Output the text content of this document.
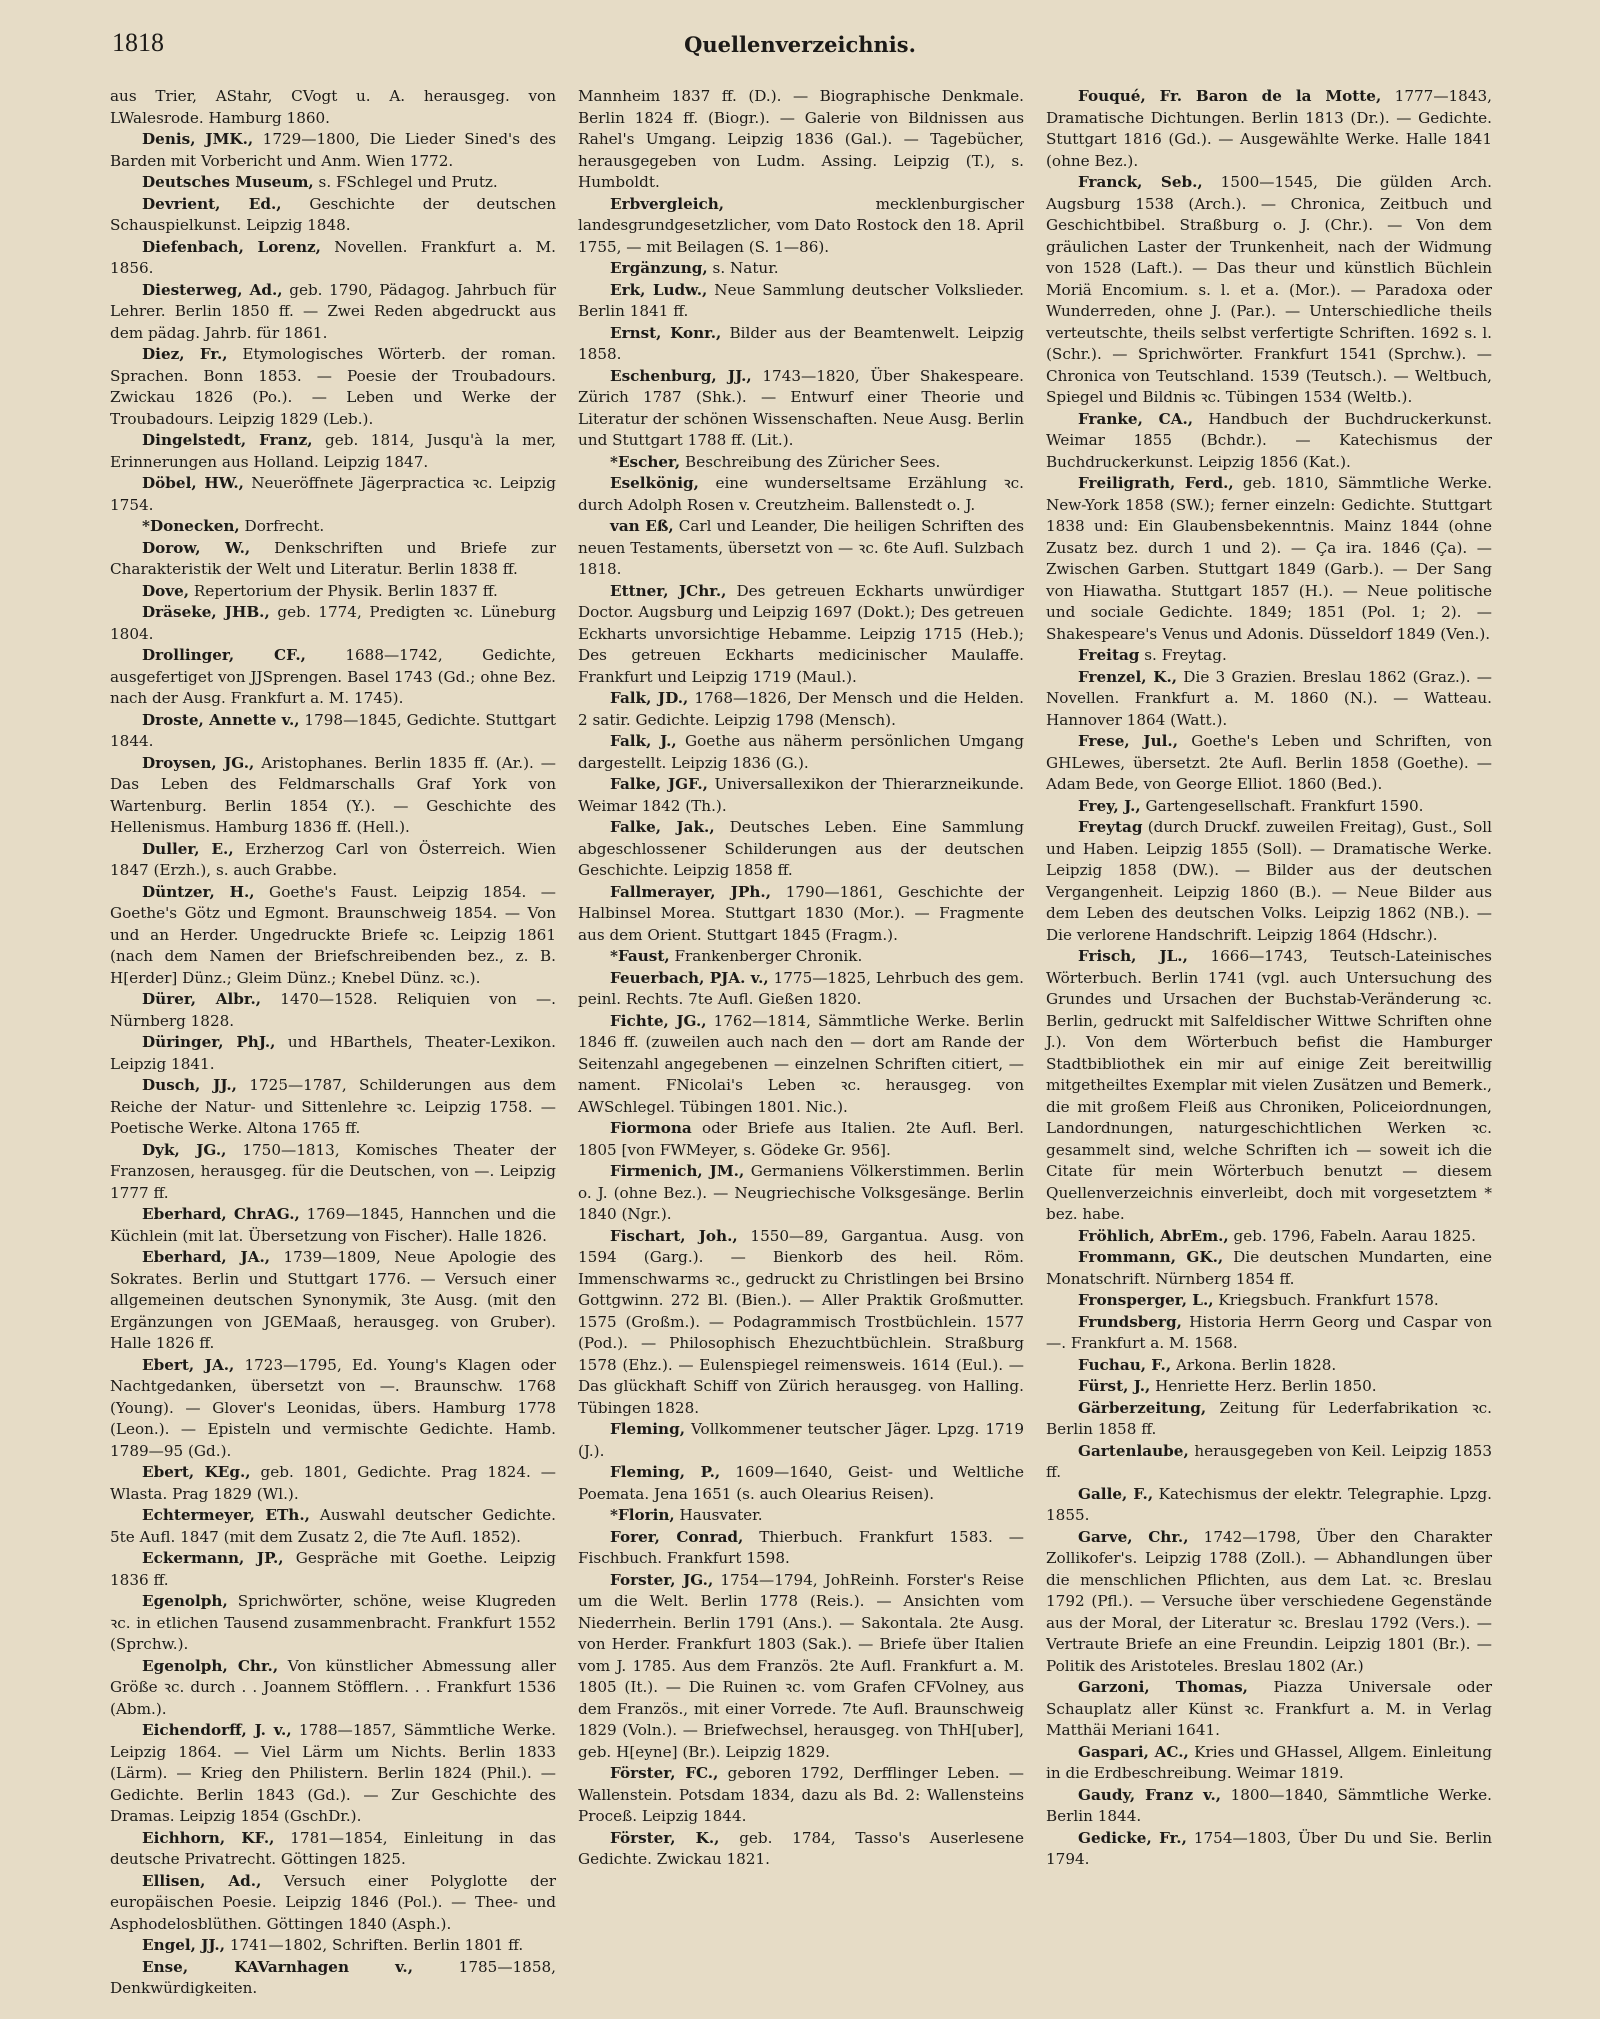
1818	Quellenverzeichnis.

aus Trier, AStahr, CVogt u. A. herausgeg. von LWalesrode. Hamburg 1860.

Denis, JMK., 1729—1800, Die Lieder Sined's des Barden mit Vorbericht und Anm. Wien 1772.

Deutsches Museum, s. FSchlegel und Prutz.

Devrient, Ed., Geschichte der deutschen Schauspielkunst. Leipzig 1848.

Diefenbach, Lorenz, Novellen. Frankfurt a. M. 1856.

Diesterweg, Ad., geb. 1790, Pädagog. Jahrbuch für Lehrer. Berlin 1850 ff. — Zwei Reden abgedruckt aus dem pädag. Jahrb. für 1861.

Diez, Fr., Etymologisches Wörterb. der roman. Sprachen. Bonn 1853. — Poesie der Troubadours. Zwickau 1826 (Po.). — Leben und Werke der Troubadours. Leipzig 1829 (Leb.).

Dingelstedt, Franz, geb. 1814, Jusqu'à la mer, Erinnerungen aus Holland. Leipzig 1847.

Döbel, HW., Neueröffnete Jägerpractica ꝛc. Leipzig 1754.

*Donecken, Dorfrecht.

Dorow, W., Denkschriften und Briefe zur Charakteristik der Welt und Literatur. Berlin 1838 ff.

Dove, Repertorium der Physik. Berlin 1837 ff.

Dräseke, JHB., geb. 1774, Predigten ꝛc. Lüneburg 1804.

Drollinger, CF., 1688—1742, Gedichte, ausgefertiget von JJSprengen. Basel 1743 (Gd.; ohne Bez. nach der Ausg. Frankfurt a. M. 1745).

Droste, Annette v., 1798—1845, Gedichte. Stuttgart 1844.

Droysen, JG., Aristophanes. Berlin 1835 ff. (Ar.). — Das Leben des Feldmarschalls Graf York von Wartenburg. Berlin 1854 (Y.). — Geschichte des Hellenismus. Hamburg 1836 ff. (Hell.).

Duller, E., Erzherzog Carl von Österreich. Wien 1847 (Erzh.), s. auch Grabbe.

Düntzer, H., Goethe's Faust. Leipzig 1854. — Goethe's Götz und Egmont. Braunschweig 1854. — Von und an Herder. Ungedruckte Briefe ꝛc. Leipzig 1861 (nach dem Namen der Briefschreibenden bez., z. B. H[erder] Dünz.; Gleim Dünz.; Knebel Dünz. ꝛc.).

Dürer, Albr., 1470—1528. Reliquien von —. Nürnberg 1828.

Düringer, PhJ., und HBarthels, Theater-Lexikon. Leipzig 1841.

Dusch, JJ., 1725—1787, Schilderungen aus dem Reiche der Natur- und Sittenlehre ꝛc. Leipzig 1758. — Poetische Werke. Altona 1765 ff.

Dyk, JG., 1750—1813, Komisches Theater der Franzosen, herausgeg. für die Deutschen, von —. Leipzig 1777 ff.

Eberhard, ChrAG., 1769—1845, Hannchen und die Küchlein (mit lat. Übersetzung von Fischer). Halle 1826.

Eberhard, JA., 1739—1809, Neue Apologie des Sokrates. Berlin und Stuttgart 1776. — Versuch einer allgemeinen deutschen Synonymik, 3te Ausg. (mit den Ergänzungen von JGEMaaß, herausgeg. von Gruber). Halle 1826 ff.

Ebert, JA., 1723—1795, Ed. Young's Klagen oder Nachtgedanken, übersetzt von —. Braunschw. 1768 (Young). — Glover's Leonidas, übers. Hamburg 1778 (Leon.). — Episteln und vermischte Gedichte. Hamb. 1789—95 (Gd.).

Ebert, KEg., geb. 1801, Gedichte. Prag 1824. — Wlasta. Prag 1829 (Wl.).

Echtermeyer, ETh., Auswahl deutscher Gedichte. 5te Aufl. 1847 (mit dem Zusatz 2, die 7te Aufl. 1852).

Eckermann, JP., Gespräche mit Goethe. Leipzig 1836 ff.

Egenolph, Sprichwörter, schöne, weise Klugreden ꝛc. in etlichen Tausend zusammenbracht. Frankfurt 1552 (Sprchw.).

Egenolph, Chr., Von künstlicher Abmessung aller Größe ꝛc. durch . . Joannem Stöfflern. . . Frankfurt 1536 (Abm.).

Eichendorff, J. v., 1788—1857, Sämmtliche Werke. Leipzig 1864. — Viel Lärm um Nichts. Berlin 1833 (Lärm). — Krieg den Philistern. Berlin 1824 (Phil.). — Gedichte. Berlin 1843 (Gd.). — Zur Geschichte des Dramas. Leipzig 1854 (GschDr.).

Eichhorn, KF., 1781—1854, Einleitung in das deutsche Privatrecht. Göttingen 1825.

Ellisen, Ad., Versuch einer Polyglotte der europäischen Poesie. Leipzig 1846 (Pol.). — Thee- und Asphodelosblüthen. Göttingen 1840 (Asph.).

Engel, JJ., 1741—1802, Schriften. Berlin 1801 ff.

Ense, KAVarnhagen v., 1785—1858, Denkwürdigkeiten.

Mannheim 1837 ff. (D.). — Biographische Denkmale. Berlin 1824 ff. (Biogr.). — Galerie von Bildnissen aus Rahel's Umgang. Leipzig 1836 (Gal.). — Tagebücher, herausgegeben von Ludm. Assing. Leipzig (T.), s. Humboldt.

Erbvergleich, mecklenburgischer landesgrundgesetzlicher, vom Dato Rostock den 18. April 1755, — mit Beilagen (S. 1—86).

Ergänzung, s. Natur.

Erk, Ludw., Neue Sammlung deutscher Volkslieder. Berlin 1841 ff.

Ernst, Konr., Bilder aus der Beamtenwelt. Leipzig 1858.

Eschenburg, JJ., 1743—1820, Über Shakespeare. Zürich 1787 (Shk.). — Entwurf einer Theorie und Literatur der schönen Wissenschaften. Neue Ausg. Berlin und Stuttgart 1788 ff. (Lit.).

*Escher, Beschreibung des Züricher Sees.

Eselkönig, eine wunderseltsame Erzählung ꝛc. durch Adolph Rosen v. Creutzheim. Ballenstedt o. J.

van Eß, Carl und Leander, Die heiligen Schriften des neuen Testaments, übersetzt von — ꝛc. 6te Aufl. Sulzbach 1818.

Ettner, JChr., Des getreuen Eckharts unwürdiger Doctor. Augsburg und Leipzig 1697 (Dokt.); Des getreuen Eckharts unvorsichtige Hebamme. Leipzig 1715 (Heb.); Des getreuen Eckharts medicinischer Maulaffe. Frankfurt und Leipzig 1719 (Maul.).

Falk, JD., 1768—1826, Der Mensch und die Helden. 2 satir. Gedichte. Leipzig 1798 (Mensch).

Falk, J., Goethe aus näherm persönlichen Umgang dargestellt. Leipzig 1836 (G.).

Falke, JGF., Universallexikon der Thierarzneikunde. Weimar 1842 (Th.).

Falke, Jak., Deutsches Leben. Eine Sammlung abgeschlossener Schilderungen aus der deutschen Geschichte. Leipzig 1858 ff.

Fallmerayer, JPh., 1790—1861, Geschichte der Halbinsel Morea. Stuttgart 1830 (Mor.). — Fragmente aus dem Orient. Stuttgart 1845 (Fragm.).

*Faust, Frankenberger Chronik.

Feuerbach, PJA. v., 1775—1825, Lehrbuch des gem. peinl. Rechts. 7te Aufl. Gießen 1820.

Fichte, JG., 1762—1814, Sämmtliche Werke. Berlin 1846 ff. (zuweilen auch nach den — dort am Rande der Seitenzahl angegebenen — einzelnen Schriften citiert, — nament. FNicolai's Leben ꝛc. herausgeg. von AWSchlegel. Tübingen 1801. Nic.).

Fiormona oder Briefe aus Italien. 2te Aufl. Berl. 1805 [von FWMeyer, s. Gödeke Gr. 956].

Firmenich, JM., Germaniens Völkerstimmen. Berlin o. J. (ohne Bez.). — Neugriechische Volksgesänge. Berlin 1840 (Ngr.).

Fischart, Joh., 1550—89, Gargantua. Ausg. von 1594 (Garg.). — Bienkorb des heil. Röm. Immenschwarms ꝛc., gedruckt zu Christlingen bei Brsino Gottgwinn. 272 Bl. (Bien.). — Aller Praktik Großmutter. 1575 (Großm.). — Podagrammisch Trostbüchlein. 1577 (Pod.). — Philosophisch Ehezuchtbüchlein. Straßburg 1578 (Ehz.). — Eulenspiegel reimensweis. 1614 (Eul.). — Das glückhaft Schiff von Zürich herausgeg. von Halling. Tübingen 1828.

Fleming, Vollkommener teutscher Jäger. Lpzg. 1719 (J.).

Fleming, P., 1609—1640, Geist- und Weltliche Poemata. Jena 1651 (s. auch Olearius Reisen).

*Florin, Hausvater.

Forer, Conrad, Thierbuch. Frankfurt 1583. — Fischbuch. Frankfurt 1598.

Forster, JG., 1754—1794, JohReinh. Forster's Reise um die Welt. Berlin 1778 (Reis.). — Ansichten vom Niederrhein. Berlin 1791 (Ans.). — Sakontala. 2te Ausg. von Herder. Frankfurt 1803 (Sak.). — Briefe über Italien vom J. 1785. Aus dem Französ. 2te Aufl. Frankfurt a. M. 1805 (It.). — Die Ruinen ꝛc. vom Grafen CFVolney, aus dem Französ., mit einer Vorrede. 7te Aufl. Braunschweig 1829 (Voln.). — Briefwechsel, herausgeg. von ThH[uber], geb. H[eyne] (Br.). Leipzig 1829.

Förster, FC., geboren 1792, Derfflinger Leben. — Wallenstein. Potsdam 1834, dazu als Bd. 2: Wallensteins Proceß. Leipzig 1844.

Förster, K., geb. 1784, Tasso's Auserlesene Gedichte. Zwickau 1821.

Fouqué, Fr. Baron de la Motte, 1777—1843, Dramatische Dichtungen. Berlin 1813 (Dr.). — Gedichte. Stuttgart 1816 (Gd.). — Ausgewählte Werke. Halle 1841 (ohne Bez.).

Franck, Seb., 1500—1545, Die gülden Arch. Augsburg 1538 (Arch.). — Chronica, Zeitbuch und Geschichtbibel. Straßburg o. J. (Chr.). — Von dem gräulichen Laster der Trunkenheit, nach der Widmung von 1528 (Laft.). — Das theur und künstlich Büchlein Moriä Encomium. s. l. et a. (Mor.). — Paradoxa oder Wunderreden, ohne J. (Par.). — Unterschiedliche theils verteutschte, theils selbst verfertigte Schriften. 1692 s. l. (Schr.). — Sprichwörter. Frankfurt 1541 (Sprchw.). — Chronica von Teutschland. 1539 (Teutsch.). — Weltbuch, Spiegel und Bildnis ꝛc. Tübingen 1534 (Weltb.).

Franke, CA., Handbuch der Buchdruckerkunst. Weimar 1855 (Bchdr.). — Katechismus der Buchdruckerkunst. Leipzig 1856 (Kat.).

Freiligrath, Ferd., geb. 1810, Sämmtliche Werke. New-York 1858 (SW.); ferner einzeln: Gedichte. Stuttgart 1838 und: Ein Glaubensbekenntnis. Mainz 1844 (ohne Zusatz bez. durch 1 und 2). — Ça ira. 1846 (Ça). — Zwischen Garben. Stuttgart 1849 (Garb.). — Der Sang von Hiawatha. Stuttgart 1857 (H.). — Neue politische und sociale Gedichte. 1849; 1851 (Pol. 1; 2). — Shakespeare's Venus und Adonis. Düsseldorf 1849 (Ven.).

Freitag s. Freytag.

Frenzel, K., Die 3 Grazien. Breslau 1862 (Graz.). — Novellen. Frankfurt a. M. 1860 (N.). — Watteau. Hannover 1864 (Watt.).

Frese, Jul., Goethe's Leben und Schriften, von GHLewes, übersetzt. 2te Aufl. Berlin 1858 (Goethe). — Adam Bede, von George Elliot. 1860 (Bed.).

Frey, J., Gartengesellschaft. Frankfurt 1590.

Freytag (durch Druckf. zuweilen Freitag), Gust., Soll und Haben. Leipzig 1855 (Soll). — Dramatische Werke. Leipzig 1858 (DW.). — Bilder aus der deutschen Vergangenheit. Leipzig 1860 (B.). — Neue Bilder aus dem Leben des deutschen Volks. Leipzig 1862 (NB.). — Die verlorene Handschrift. Leipzig 1864 (Hdschr.).

Frisch, JL., 1666—1743, Teutsch-Lateinisches Wörterbuch. Berlin 1741 (vgl. auch Untersuchung des Grundes und Ursachen der Buchstab-Veränderung ꝛc. Berlin, gedruckt mit Salfeldischer Wittwe Schriften ohne J.). Von dem Wörterbuch befist die Hamburger Stadtbibliothek ein mir auf einige Zeit bereitwillig mitgetheiltes Exemplar mit vielen Zusätzen und Bemerk., die mit großem Fleiß aus Chroniken, Policeiordnungen, Landordnungen, naturgeschichtlichen Werken ꝛc. gesammelt sind, welche Schriften ich — soweit ich die Citate für mein Wörterbuch benutzt — diesem Quellenverzeichnis einverleibt, doch mit vorgesetztem * bez. habe.

Fröhlich, AbrEm., geb. 1796, Fabeln. Aarau 1825.

Frommann, GK., Die deutschen Mundarten, eine Monatschrift. Nürnberg 1854 ff.

Fronsperger, L., Kriegsbuch. Frankfurt 1578.

Frundsberg, Historia Herrn Georg und Caspar von —. Frankfurt a. M. 1568.

Fuchau, F., Arkona. Berlin 1828.

Fürst, J., Henriette Herz. Berlin 1850.

Gärberzeitung, Zeitung für Lederfabrikation ꝛc. Berlin 1858 ff.

Gartenlaube, herausgegeben von Keil. Leipzig 1853 ff.

Galle, F., Katechismus der elektr. Telegraphie. Lpzg. 1855.

Garve, Chr., 1742—1798, Über den Charakter Zollikofer's. Leipzig 1788 (Zoll.). — Abhandlungen über die menschlichen Pflichten, aus dem Lat. ꝛc. Breslau 1792 (Pfl.). — Versuche über verschiedene Gegenstände aus der Moral, der Literatur ꝛc. Breslau 1792 (Vers.). — Vertraute Briefe an eine Freundin. Leipzig 1801 (Br.). — Politik des Aristoteles. Breslau 1802 (Ar.)

Garzoni, Thomas, Piazza Universale oder Schauplatz aller Künst ꝛc. Frankfurt a. M. in Verlag Matthäi Meriani 1641.

Gaspari, AC., Kries und GHassel, Allgem. Einleitung in die Erdbeschreibung. Weimar 1819.

Gaudy, Franz v., 1800—1840, Sämmtliche Werke. Berlin 1844.

Gedicke, Fr., 1754—1803, Über Du und Sie. Berlin 1794.
